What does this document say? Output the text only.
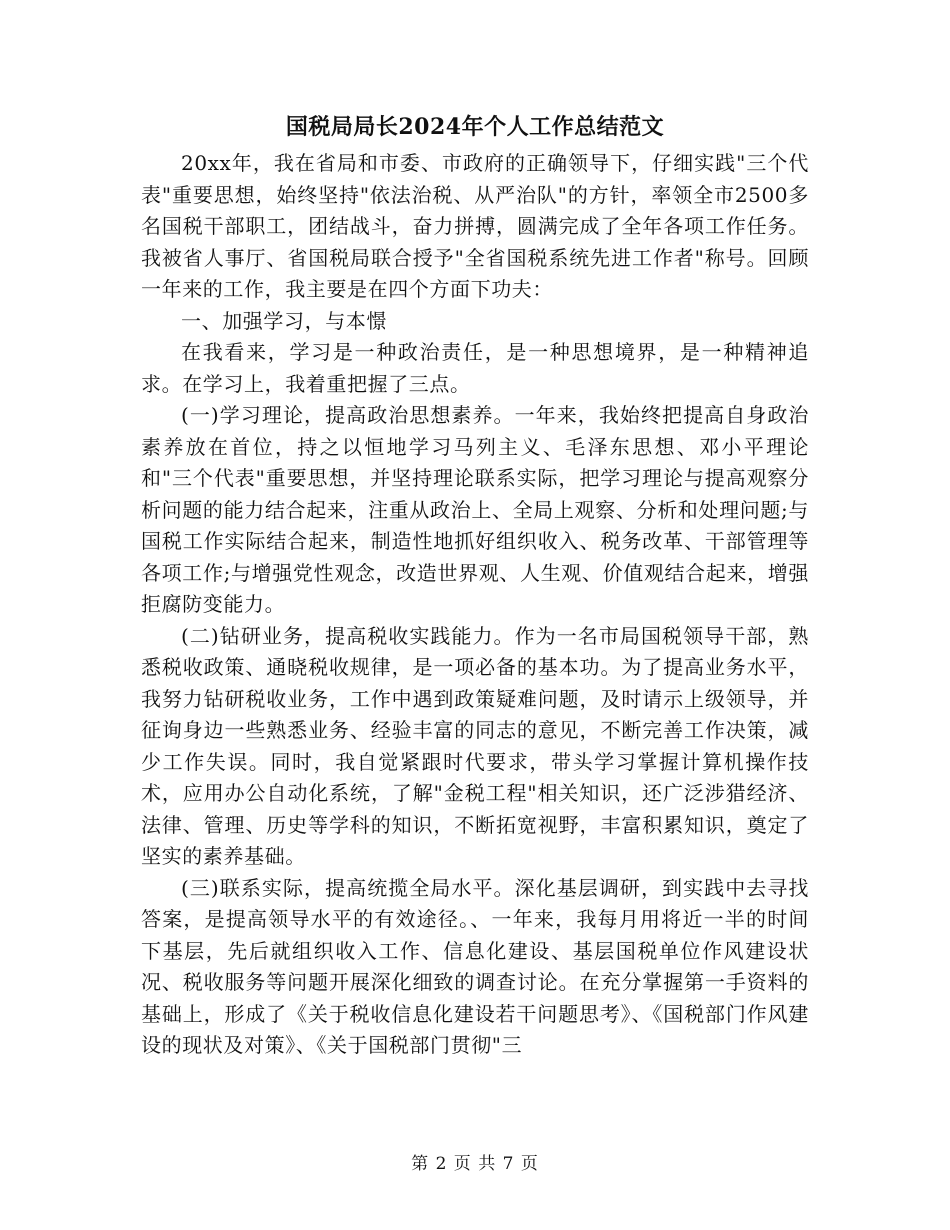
国税局局长2024年个人工作总结范文

20xx年，我在省局和市委、市政府的正确领导下，仔细实践"三个代表"重要思想，始终坚持"依法治税、从严治队"的方针，率领全市2500多名国税干部职工，团结战斗，奋力拼搏，圆满完成了全年各项工作任务。我被省人事厅、省国税局联合授予"全省国税系统先进工作者"称号。回顾一年来的工作，我主要是在四个方面下功夫：

一、加强学习，与本憬

在我看来，学习是一种政治责任，是一种思想境界，是一种精神追求。在学习上，我着重把握了三点。

(一)学习理论，提高政治思想素养。一年来，我始终把提高自身政治素养放在首位，持之以恒地学习马列主义、毛泽东思想、邓小平理论和"三个代表"重要思想，并坚持理论联系实际，把学习理论与提高观察分析问题的能力结合起来，注重从政治上、全局上观察、分析和处理问题;与国税工作实际结合起来，制造性地抓好组织收入、税务改革、干部管理等各项工作;与增强党性观念，改造世界观、人生观、价值观结合起来，增强拒腐防变能力。

(二)钻研业务，提高税收实践能力。作为一名市局国税领导干部，熟悉税收政策、通晓税收规律，是一项必备的基本功。为了提高业务水平，我努力钻研税收业务，工作中遇到政策疑难问题，及时请示上级领导，并征询身边一些熟悉业务、经验丰富的同志的意见，不断完善工作决策，减少工作失误。同时，我自觉紧跟时代要求，带头学习掌握计算机操作技术，应用办公自动化系统，了解"金税工程"相关知识，还广泛涉猎经济、法律、管理、历史等学科的知识，不断拓宽视野，丰富积累知识，奠定了坚实的素养基础。

(三)联系实际，提高统揽全局水平。深化基层调研，到实践中去寻找答案，是提高领导水平的有效途径。、一年来，我每月用将近一半的时间下基层，先后就组织收入工作、信息化建设、基层国税单位作风建设状况、税收服务等问题开展深化细致的调查讨论。在充分掌握第一手资料的基础上，形成了《关于税收信息化建设若干问题思考》、《国税部门作风建设的现状及对策》、《关于国税部门贯彻"三

第 2 页 共 7 页
